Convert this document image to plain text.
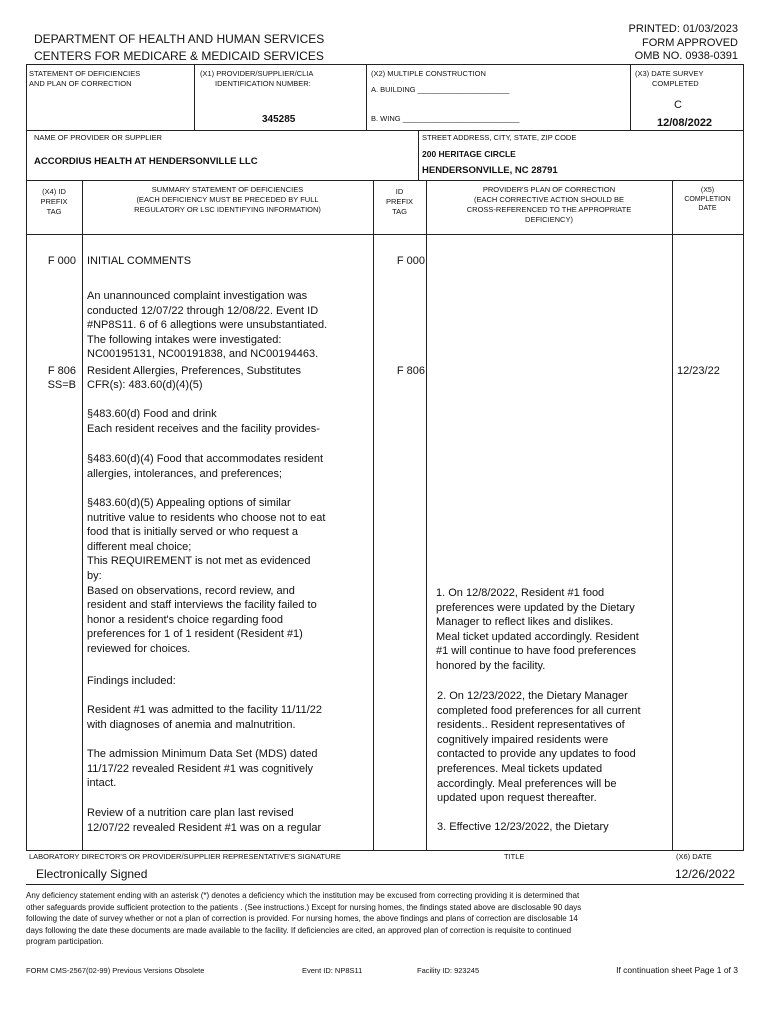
DEPARTMENT OF HEALTH AND HUMAN SERVICES
CENTERS FOR MEDICARE & MEDICAID SERVICES
PRINTED: 01/03/2023
FORM APPROVED
OMB NO. 0938-0391
STATEMENT OF DEFICIENCIES
AND PLAN OF CORRECTION
(X1) PROVIDER/SUPPLIER/CLIA
IDENTIFICATION NUMBER:
345285
(X2) MULTIPLE CONSTRUCTION
A. BUILDING ______________________
B. WING ____________________________
(X3) DATE SURVEY
COMPLETED
C
12/08/2022
NAME OF PROVIDER OR SUPPLIER
ACCORDIUS HEALTH AT HENDERSONVILLE LLC
STREET ADDRESS, CITY, STATE, ZIP CODE
200 HERITAGE CIRCLE
HENDERSONVILLE, NC 28791
(X4) ID
PREFIX
TAG
SUMMARY STATEMENT OF DEFICIENCIES
(EACH DEFICIENCY MUST BE PRECEDED BY FULL
REGULATORY OR LSC IDENTIFYING INFORMATION)
ID
PREFIX
TAG
PROVIDER'S PLAN OF CORRECTION
(EACH CORRECTIVE ACTION SHOULD BE
CROSS-REFERENCED TO THE APPROPRIATE
DEFICIENCY)
(X5)
COMPLETION
DATE
F 000 INITIAL COMMENTS	F 000
An unannounced complaint investigation was
conducted 12/07/22 through 12/08/22. Event ID
#NP8S11. 6 of 6 allegtions were unsubstantiated.
The following intakes were investigated:
NC00195131, NC00191838, and NC00194463.
F 806
SS=B
Resident Allergies, Preferences, Substitutes
CFR(s): 483.60(d)(4)(5)
F 806	12/23/22
§483.60(d) Food and drink
Each resident receives and the facility provides-
§483.60(d)(4) Food that accommodates resident
allergies, intolerances, and preferences;
§483.60(d)(5) Appealing options of similar
nutritive value to residents who choose not to eat
food that is initially served or who request a
different meal choice;
This REQUIREMENT is not met as evidenced
by:
Based on observations, record review, and
resident and staff interviews the facility failed to
honor a resident's choice regarding food
preferences for 1 of 1 resident (Resident #1)
reviewed for choices.
Findings included:
Resident #1 was admitted to the facility 11/11/22
with diagnoses of anemia and malnutrition.
The admission Minimum Data Set (MDS) dated
11/17/22 revealed Resident #1 was cognitively
intact.
Review of a nutrition care plan last revised
12/07/22 revealed Resident #1 was on a regular
1. On 12/8/2022, Resident #1 food
preferences were updated by the Dietary
Manager to reflect likes and dislikes.
Meal ticket updated accordingly. Resident
#1 will continue to have food preferences
honored by the facility.
2. On 12/23/2022, the Dietary Manager
completed food preferences for all current
residents.. Resident representatives of
cognitively impaired residents were
contacted to provide any updates to food
preferences. Meal tickets updated
accordingly. Meal preferences will be
updated upon request thereafter.
3. Effective 12/23/2022, the Dietary
LABORATORY DIRECTOR'S OR PROVIDER/SUPPLIER REPRESENTATIVE'S SIGNATURE	TITLE	(X6) DATE
Electronically Signed	12/26/2022
Any deficiency statement ending with an asterisk (*) denotes a deficiency which the institution may be excused from correcting providing it is determined that
other safeguards provide sufficient protection to the patients . (See instructions.) Except for nursing homes, the findings stated above are disclosable 90 days
following the date of survey whether or not a plan of correction is provided. For nursing homes, the above findings and plans of correction are disclosable 14
days following the date these documents are made available to the facility. If deficiencies are cited, an approved plan of correction is requisite to continued
program participation.
FORM CMS-2567(02-99) Previous Versions Obsolete	Event ID: NP8S11	Facility ID: 923245	If continuation sheet Page 1 of 3
